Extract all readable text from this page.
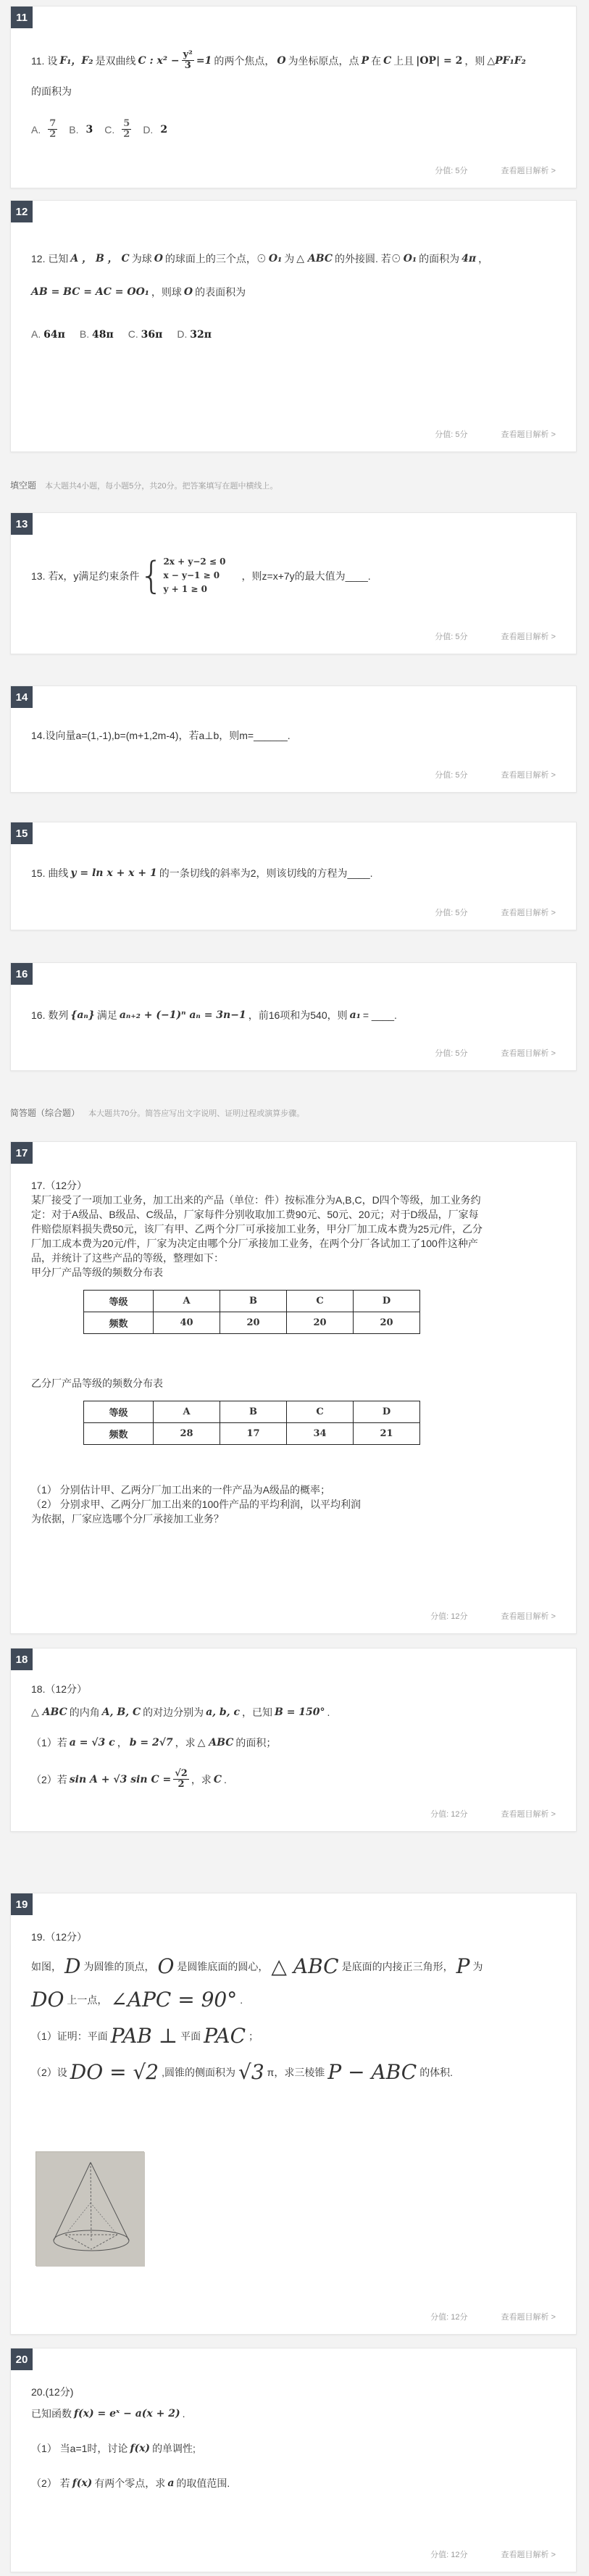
11
11. 设 F₁，F₂ 是双曲线 C : $x^2 - \frac{\text{y²}}{3} =1$ 的两个焦点， O 为坐标原点，点 P 在 C 上且 |OP| = 2 ，则 △PF₁F₂
的面积为
A. $\frac{7}{2} B$. 3 C. $\frac{5}{2} D$. 2
分值: 5分	查看题目解析 >
12
12. 已知 A ， B ， C 为球 O 的球面上的三个点，⊙ O₁ 为 △ ABC 的外接圆. 若⊙ O₁ 的面积为 4π ，
AB = BC = AC = OO₁ ，则球 O 的表面积为
A. 64π B. 48π C. 36π D. 32π
分值: 5分	查看题目解析 >
填空题 本大题共4小题，每小题5分，共20分。把答案填写在题中横线上。
13
13. 若x，y满足约束条件 { 2x + y−2 ≤ 0
x − y−1 ≥ 0
y + 1 ≥ 0
，则z=x+7y的最大值为____.
分值: 5分	查看题目解析 >
14
14.设向量a=(1,-1),b=(m+1,2m-4)，若a⊥b，则m=______.
分值: 5分	查看题目解析 >
15
15. 曲线 y = ln x + x + 1 的一条切线的斜率为2，则该切线的方程为____.
分值: 5分	查看题目解析 >
16
16. 数列 {aₙ} 满足 aₙ₊₂ + (−1)ⁿ aₙ = 3n−1 ，前16项和为540，则 a₁ = ____.
分值: 5分	查看题目解析 >
简答题（综合题） 本大题共70分。简答应写出文字说明、证明过程或演算步骤。
17
17.（12分）
某厂接受了一项加工业务，加工出来的产品（单位：件）按标准分为A,B,C，D四个等级，加工业务约
定：对于A级品、B级品、C级品，厂家每件分别收取加工费90元、50元、20元；对于D级品，厂家每
件赔偿原料损失费50元，该厂有甲、乙两个分厂可承接加工业务，甲分厂加工成本费为25元/件，乙分
厂加工成本费为20元/件，厂家为决定由哪个分厂承接加工业务，在两个分厂各试加工了100件这种产
品，并统计了这些产品的等级，整理如下：
甲分厂产品等级的频数分布表
等级	A	B	C	D
频数	40	20	20	20
乙分厂产品等级的频数分布表
等级	A	B	C	D
频数	28	17	34	21
（1） 分别估计甲、乙两分厂加工出来的一件产品为A级品的概率；
（2） 分别求甲、乙两分厂加工出来的100件产品的平均利润，以平均利润
为依据，厂家应选哪个分厂承接加工业务？
分值: 12分	查看题目解析 >
18
18.（12分）
△ ABC 的内角 A, B, C 的对边分别为 a, b, c ，已知 B = 150° .
（1）若 a = √3 c ， b = 2√7 ，求 △ ABC 的面积；
（2）若 sin A + √3 $\sin C = \frac{√2}{2}$ ，求 C .
分值: 12分	查看题目解析 >
19
19.（12分）
如图， D 为圆锥的顶点， O 是圆锥底面的圆心， △ ABC 是底面的内接正三角形， P 为
DO 上一点， ∠APC = 90° .
（1）证明：平面 PAB ⊥ 平面 PAC ；
（2）设 DO = √2 ,圆锥的侧面积为 √3 π，求三棱锥 P − ABC 的体积.
分值: 12分	查看题目解析 >
20
20.(12分)
已知函数 f(x) = eˣ − a(x + 2) .
（1） 当a=1时，讨论 f(x) 的单调性;
（2） 若 f(x) 有两个零点，求 a 的取值范围.
分值: 12分	查看题目解析 >
